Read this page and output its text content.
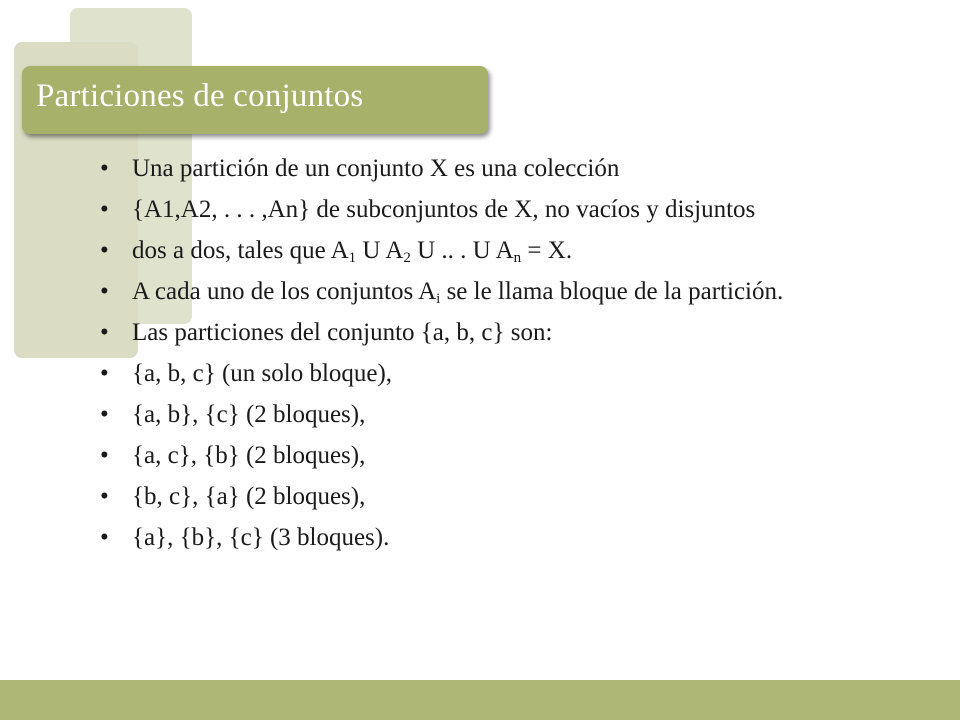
Particiones de conjuntos
• Una partición de un conjunto X es una colección
• {A1,A2, . . . ,An} de subconjuntos de X, no vacíos y disjuntos
• dos a dos, tales que $A_1$ U $A_2$ U .. . U $A_n = X$.
• A cada uno de los conjuntos $A_i$ se le llama bloque de la partición.
• Las particiones del conjunto {a, b, c} son:
• {a, b, c} (un solo bloque),
• {a, b}, {c} (2 bloques),
• {a, c}, {b} (2 bloques),
• {b, c}, {a} (2 bloques),
• {a}, {b}, {c} (3 bloques).
